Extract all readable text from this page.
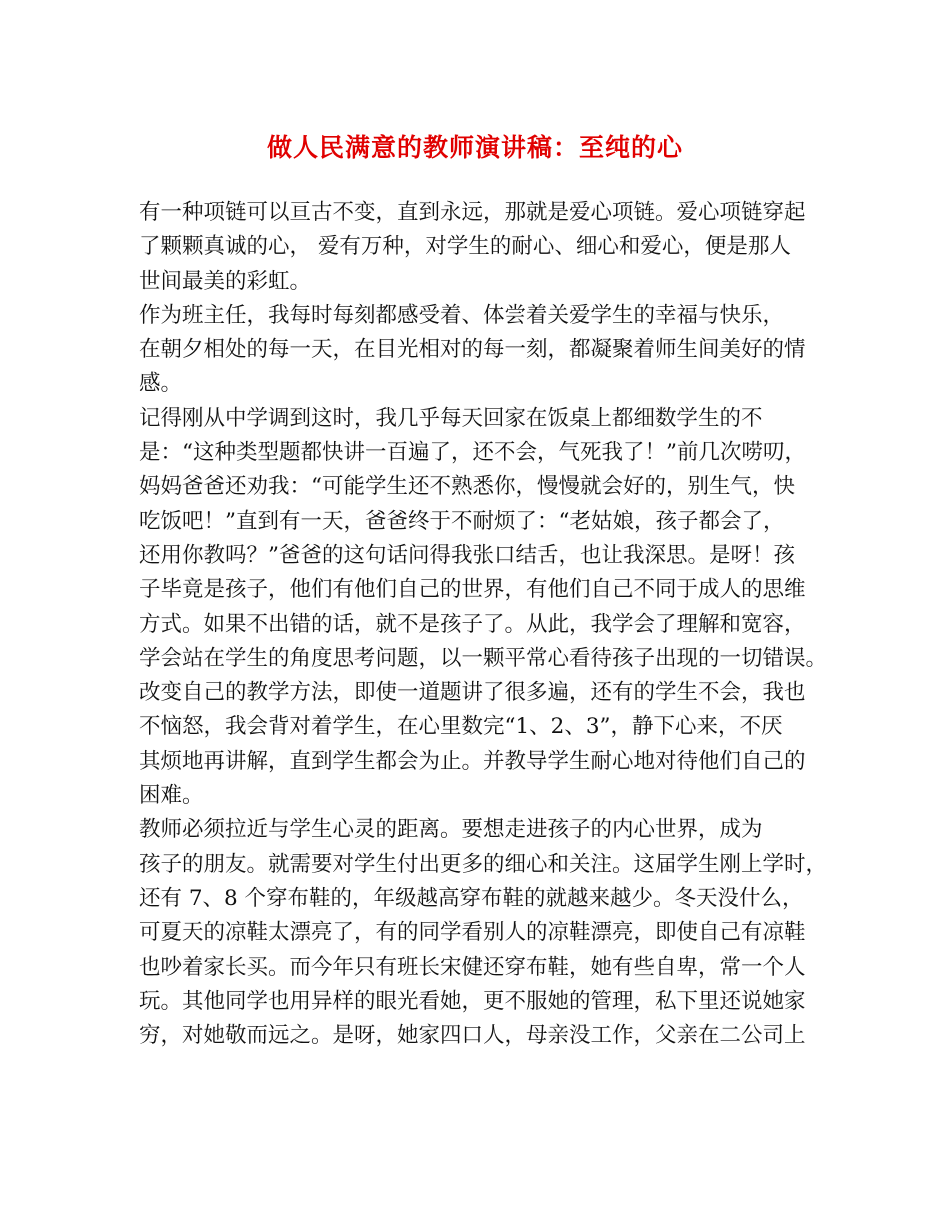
做人民满意的教师演讲稿：至纯的心
有一种项链可以亘古不变，直到永远，那就是爱心项链。爱心项链穿起
了颗颗真诚的心， 爱有万种，对学生的耐心、细心和爱心，便是那人
世间最美的彩虹。
作为班主任，我每时每刻都感受着、体尝着关爱学生的幸福与快乐，
在朝夕相处的每一天，在目光相对的每一刻，都凝聚着师生间美好的情
感。
记得刚从中学调到这时，我几乎每天回家在饭桌上都细数学生的不
是：“这种类型题都快讲一百遍了，还不会，气死我了！”前几次唠叨，
妈妈爸爸还劝我：“可能学生还不熟悉你，慢慢就会好的，别生气，快
吃饭吧！”直到有一天，爸爸终于不耐烦了：“老姑娘，孩子都会了，
还用你教吗？”爸爸的这句话问得我张口结舌，也让我深思。是呀！孩
子毕竟是孩子，他们有他们自己的世界，有他们自己不同于成人的思维
方式。如果不出错的话，就不是孩子了。从此，我学会了理解和宽容，
学会站在学生的角度思考问题，以一颗平常心看待孩子出现的一切错误。
改变自己的教学方法，即使一道题讲了很多遍，还有的学生不会，我也
不恼怒，我会背对着学生，在心里数完“1、2、3”，静下心来，不厌
其烦地再讲解，直到学生都会为止。并教导学生耐心地对待他们自己的
困难。
教师必须拉近与学生心灵的距离。要想走进孩子的内心世界，成为
孩子的朋友。就需要对学生付出更多的细心和关注。这届学生刚上学时，
还有 7、8 个穿布鞋的，年级越高穿布鞋的就越来越少。冬天没什么，
可夏天的凉鞋太漂亮了，有的同学看别人的凉鞋漂亮，即使自己有凉鞋
也吵着家长买。而今年只有班长宋健还穿布鞋，她有些自卑，常一个人
玩。其他同学也用异样的眼光看她，更不服她的管理，私下里还说她家
穷，对她敬而远之。是呀，她家四口人，母亲没工作，父亲在二公司上
